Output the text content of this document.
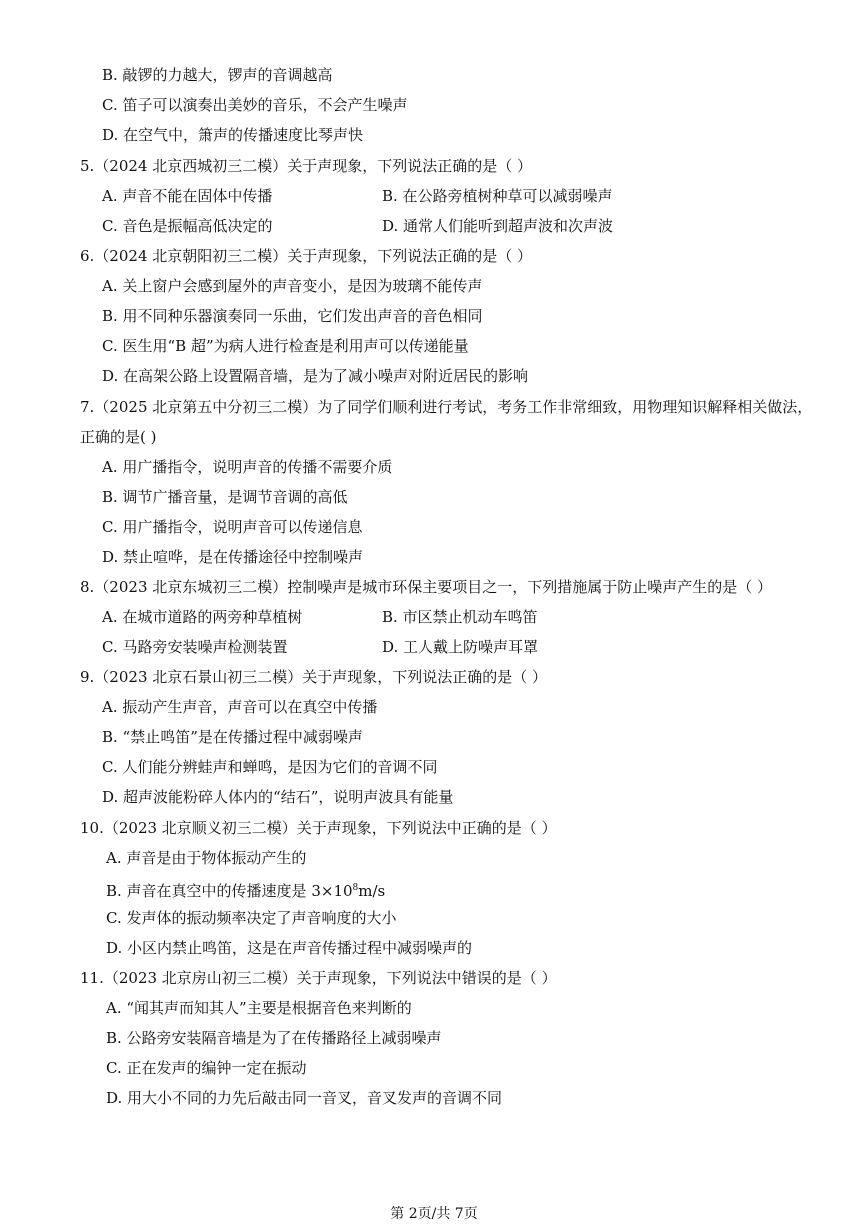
B. 敲锣的力越大，锣声的音调越高
C. 笛子可以演奏出美妙的音乐，不会产生噪声
D. 在空气中，箫声的传播速度比琴声快
5.（2024 北京西城初三二模）关于声现象，下列说法正确的是（ ）
A. 声音不能在固体中传播	B. 在公路旁植树种草可以减弱噪声
C. 音色是振幅高低决定的	D. 通常人们能听到超声波和次声波
6.（2024 北京朝阳初三二模）关于声现象，下列说法正确的是（ ）
A. 关上窗户会感到屋外的声音变小，是因为玻璃不能传声
B. 用不同种乐器演奏同一乐曲，它们发出声音的音色相同
C. 医生用“B 超”为病人进行检查是利用声可以传递能量
D. 在高架公路上设置隔音墙，是为了减小噪声对附近居民的影响
7.（2025 北京第五中分初三二模）为了同学们顺利进行考试，考务工作非常细致，用物理知识解释相关做法，
正确的是( )
A. 用广播指令，说明声音的传播不需要介质
B. 调节广播音量，是调节音调的高低
C. 用广播指令，说明声音可以传递信息
D. 禁止喧哗，是在传播途径中控制噪声
8.（2023 北京东城初三二模）控制噪声是城市环保主要项目之一，下列措施属于防止噪声产生的是（ ）
A. 在城市道路的两旁种草植树	B. 市区禁止机动车鸣笛
C. 马路旁安装噪声检测装置	D. 工人戴上防噪声耳罩
9.（2023 北京石景山初三二模）关于声现象，下列说法正确的是（ ）
A. 振动产生声音，声音可以在真空中传播
B. “禁止鸣笛”是在传播过程中减弱噪声
C. 人们能分辨蛙声和蝉鸣，是因为它们的音调不同
D. 超声波能粉碎人体内的“结石”，说明声波具有能量
10.（2023 北京顺义初三二模）关于声现象，下列说法中正确的是（ ）
A. 声音是由于物体振动产生的
B. 声音在真空中的传播速度是 $3\times 10^8m/s$
C. 发声体的振动频率决定了声音响度的大小
D. 小区内禁止鸣笛，这是在声音传播过程中减弱噪声的
11.（2023 北京房山初三二模）关于声现象，下列说法中错误的是（ ）
A. “闻其声而知其人”主要是根据音色来判断的
B. 公路旁安装隔音墙是为了在传播路径上减弱噪声
C. 正在发声的编钟一定在振动
D. 用大小不同的力先后敲击同一音叉，音叉发声的音调不同
第 2页/共 7页
